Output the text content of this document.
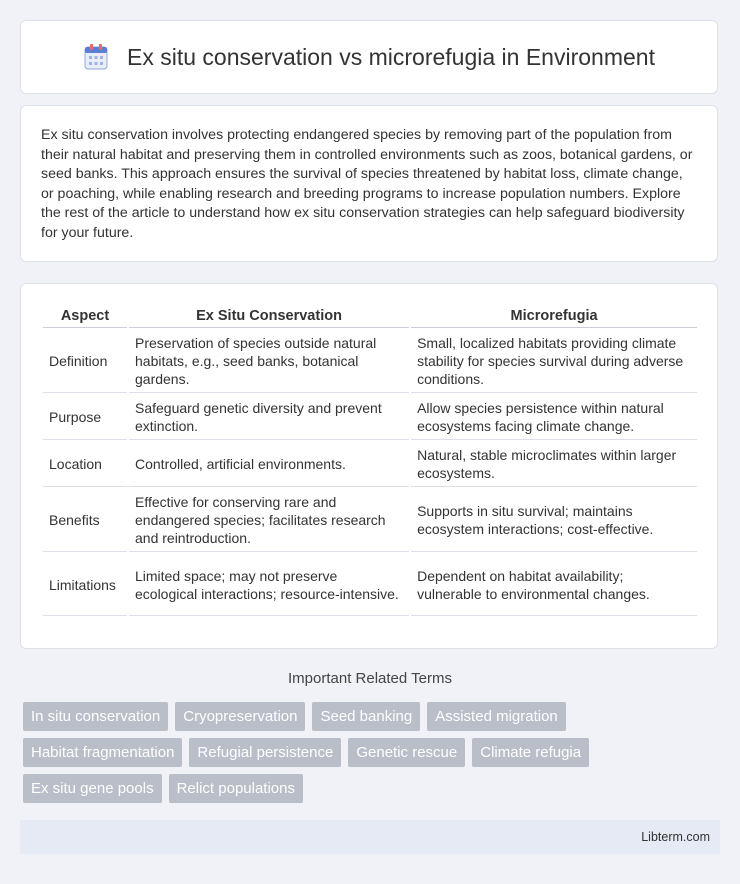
Ex situ conservation vs microrefugia in Environment
Ex situ conservation involves protecting endangered species by removing part of the population from their natural habitat and preserving them in controlled environments such as zoos, botanical gardens, or seed banks. This approach ensures the survival of species threatened by habitat loss, climate change, or poaching, while enabling research and breeding programs to increase population numbers. Explore the rest of the article to understand how ex situ conservation strategies can help safeguard biodiversity for your future.
Aspect	Ex Situ Conservation	Microrefugia
Definition	Preservation of species outside natural habitats, e.g., seed banks, botanical gardens.	Small, localized habitats providing climate stability for species survival during adverse conditions.
Purpose	Safeguard genetic diversity and prevent extinction.	Allow species persistence within natural ecosystems facing climate change.
Location	Controlled, artificial environments.	Natural, stable microclimates within larger ecosystems.
Benefits	Effective for conserving rare and endangered species; facilitates research and reintroduction.	Supports in situ survival; maintains ecosystem interactions; cost-effective.
Limitations	Limited space; may not preserve ecological interactions; resource-intensive.	Dependent on habitat availability; vulnerable to environmental changes.
Important Related Terms
In situ conservation	Cryopreservation	Seed banking	Assisted migration
Habitat fragmentation	Refugial persistence	Genetic rescue	Climate refugia
Ex situ gene pools	Relict populations
Libterm.com
